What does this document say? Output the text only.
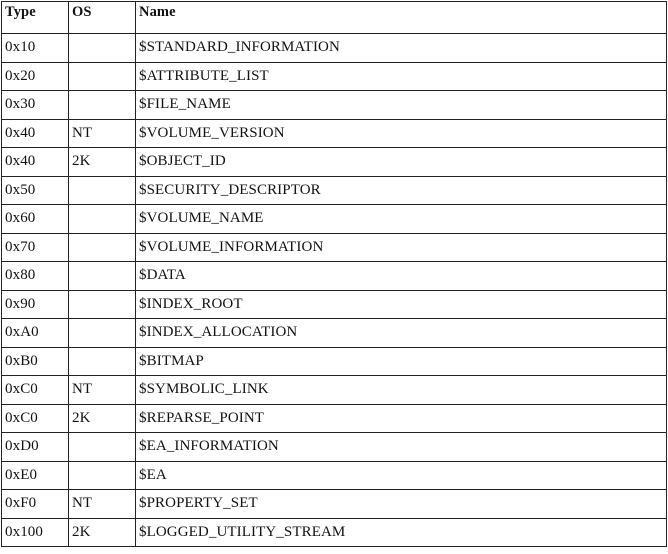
Type	OS	Name
0x10		$STANDARD_INFORMATION
0x20		$ATTRIBUTE_LIST
0x30		$FILE_NAME
0x40	NT	$VOLUME_VERSION
0x40	2K	$OBJECT_ID
0x50		$SECURITY_DESCRIPTOR
0x60		$VOLUME_NAME
0x70		$VOLUME_INFORMATION
0x80		$DATA
0x90		$INDEX_ROOT
0xA0		$INDEX_ALLOCATION
0xB0		$BITMAP
0xC0	NT	$SYMBOLIC_LINK
0xC0	2K	$REPARSE_POINT
0xD0		$EA_INFORMATION
0xE0		$EA
0xF0	NT	$PROPERTY_SET
0x100	2K	$LOGGED_UTILITY_STREAM
